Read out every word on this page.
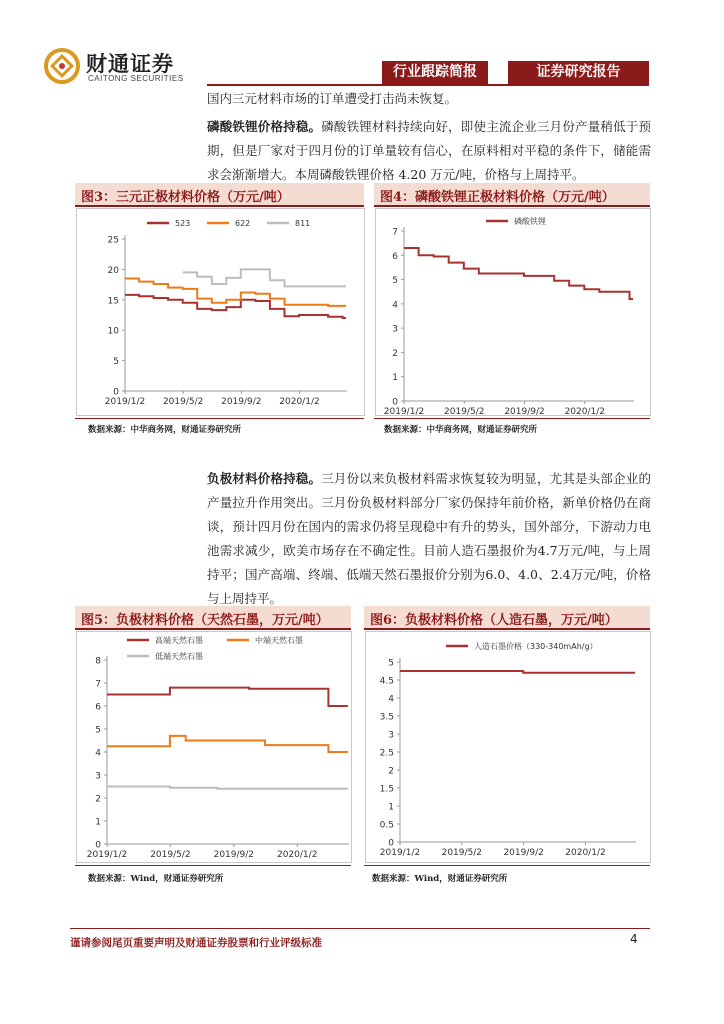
财通证券
CAITONG SECURITIES	行业跟踪简报	证券研究报告
国内三元材料市场的订单遭受打击尚未恢复。
磷酸铁锂价格持稳。磷酸铁锂材料持续向好，即使主流企业三月份产量稍低于预期，但是厂家对于四月份的订单量较有信心，在原料相对平稳的条件下，储能需求会渐渐增大。本周磷酸铁锂价格 4.20 万元/吨，价格与上周持平。
图3：三元正极材料价格（万元/吨）	图4：磷酸铁锂正极材料价格（万元/吨）
0
5
10
15
20
25
2019/1/2 2019/5/2 2019/9/2 2020/1/2
523	622	811
0
1
2
3
4
5
6
7
2019/1/2 2019/5/2 2019/9/2 2020/1/2
磷酸铁锂
数据来源：中华商务网，财通证券研究所	数据来源：中华商务网，财通证券研究所
负极材料价格持稳。三月份以来负极材料需求恢复较为明显，尤其是头部企业的产量拉升作用突出。三月份负极材料部分厂家仍保持年前价格，新单价格仍在商谈，预计四月份在国内的需求仍将呈现稳中有升的势头，国外部分，下游动力电池需求减少，欧美市场存在不确定性。目前人造石墨报价为4.7万元/吨，与上周持平；国产高端、终端、低端天然石墨报价分别为6.0、4.0、2.4万元/吨，价格与上周持平。
图5：负极材料价格（天然石墨，万元/吨）	图6：负极材料价格（人造石墨，万元/吨）
0
1
2
3
4
5
6
7
8
2019/1/2	2019/5/2	2019/9/2	2020/1/2
高端天然石墨	中端天然石墨
低端天然石墨
0
0.5
1
1.5
2
2.5
3
3.5
4
4.5
5
2019/1/2 2019/5/2 2019/9/2 2020/1/2
人造石墨价格（330-340mAh/g）
数据来源：Wind，财通证券研究所	数据来源：Wind，财通证券研究所
谨请参阅尾页重要声明及财通证券股票和行业评级标准	4
